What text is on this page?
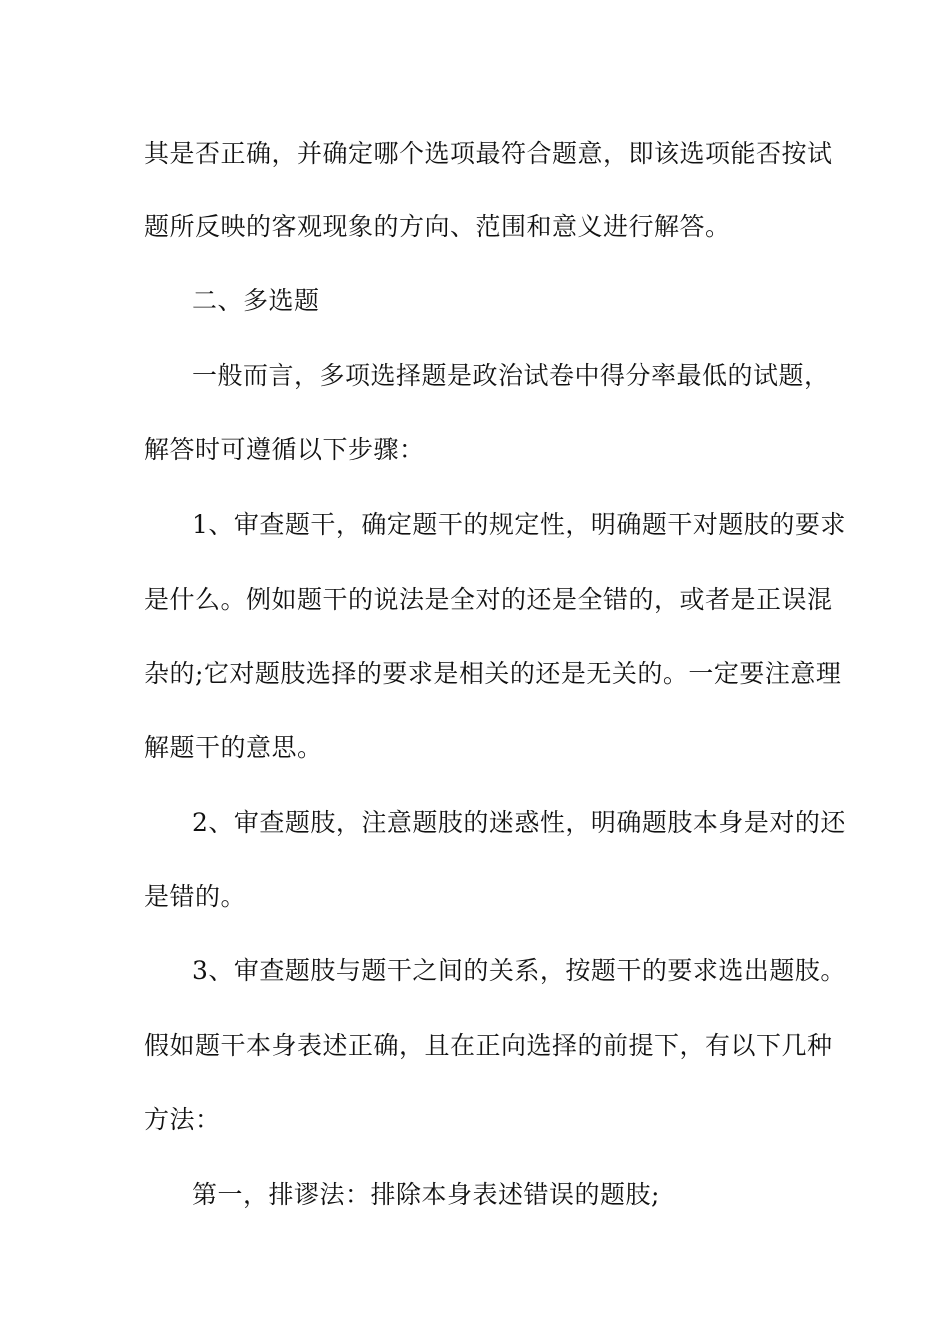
其是否正确，并确定哪个选项最符合题意，即该选项能否按试
题所反映的客观现象的方向、范围和意义进行解答。
二、多选题
一般而言，多项选择题是政治试卷中得分率最低的试题，
解答时可遵循以下步骤：
1、审查题干，确定题干的规定性，明确题干对题肢的要求
是什么。例如题干的说法是全对的还是全错的，或者是正误混
杂的;它对题肢选择的要求是相关的还是无关的。一定要注意理
解题干的意思。
2、审查题肢，注意题肢的迷惑性，明确题肢本身是对的还
是错的。
3、审查题肢与题干之间的关系，按题干的要求选出题肢。
假如题干本身表述正确，且在正向选择的前提下，有以下几种
方法：
第一，排谬法：排除本身表述错误的题肢;
